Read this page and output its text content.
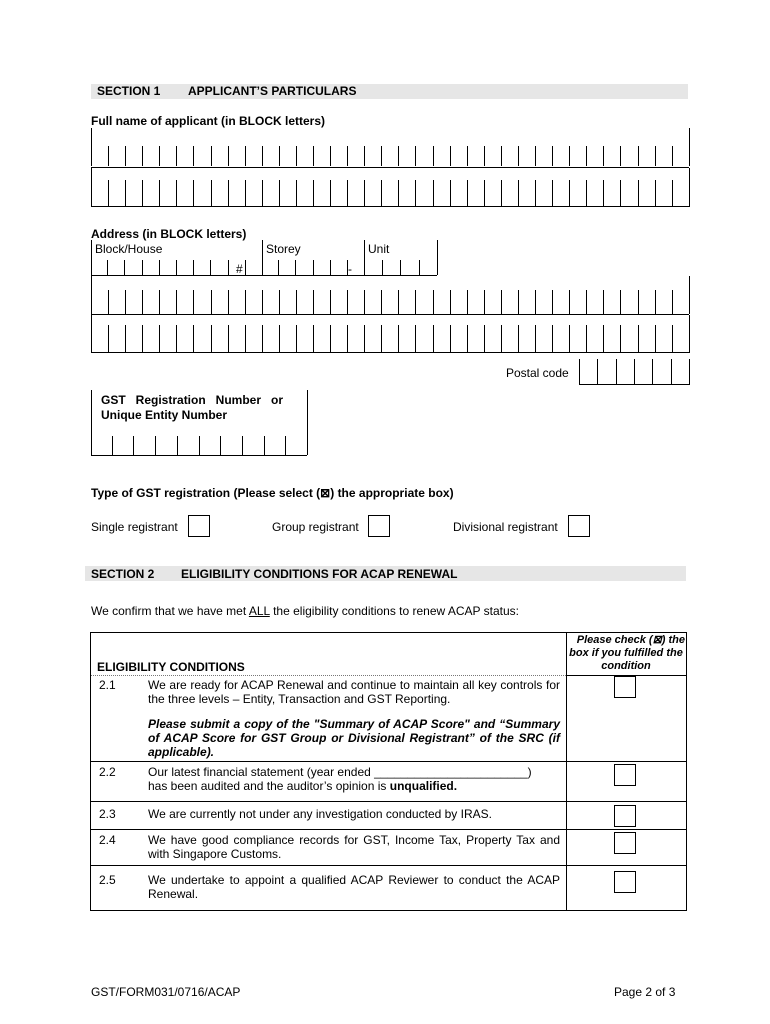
SECTION 1 APPLICANT’S PARTICULARS
Full name of applicant (in BLOCK letters)
Address (in BLOCK letters)
Block/House	Storey	Unit
#	-
Postal code
GST   Registration   Number   or
Unique Entity Number
Type of GST registration (Please select (⊠) the appropriate box)
Single registrant	Group registrant	Divisional registrant
SECTION 2 ELIGIBILITY CONDITIONS FOR ACAP RENEWAL
We confirm that we have met ALL the eligibility conditions to renew ACAP status:
Please check (⊠) the
box if you fulfilled the
condition
ELIGIBILITY CONDITIONS
2.1	We are ready for ACAP Renewal and continue to maintain all key controls for the three levels – Entity, Transaction and GST Reporting.
Please submit a copy of the "Summary of ACAP Score" and “Summary of ACAP Score for GST Group or Divisional Registrant” of the SRC (if applicable).
2.2	Our latest financial statement (year ended _______________________)
has been audited and the auditor’s opinion is unqualified.
2.3	We are currently not under any investigation conducted by IRAS.
2.4	We have good compliance records for GST, Income Tax, Property Tax and with Singapore Customs.
2.5	We undertake to appoint a qualified ACAP Reviewer to conduct the ACAP Renewal.
GST/FORM031/0716/ACAP	Page 2 of 3
